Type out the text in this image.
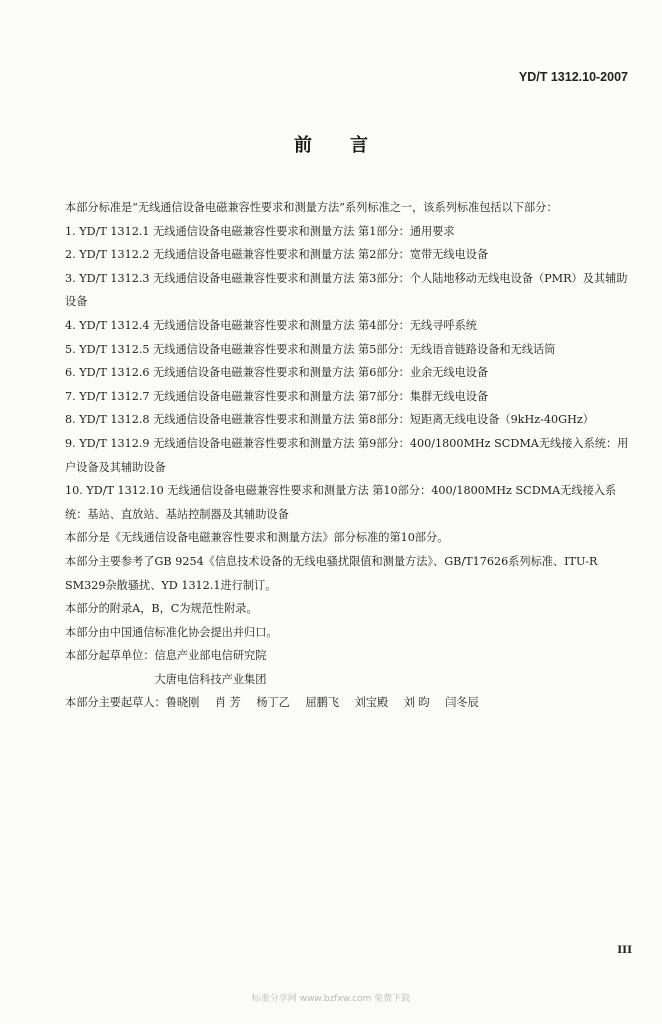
YD/T 1312.10-2007
前言

本部分标准是“无线通信设备电磁兼容性要求和测量方法”系列标准之一，该系列标准包括以下部分：

1. YD/T 1312.1 无线通信设备电磁兼容性要求和测量方法 第1部分：通用要求

2. YD/T 1312.2 无线通信设备电磁兼容性要求和测量方法 第2部分：宽带无线电设备

3. YD/T 1312.3 无线通信设备电磁兼容性要求和测量方法 第3部分：个人陆地移动无线电设备（PMR）及其辅助设备

4. YD/T 1312.4 无线通信设备电磁兼容性要求和测量方法 第4部分：无线寻呼系统

5. YD/T 1312.5 无线通信设备电磁兼容性要求和测量方法 第5部分：无线语音链路设备和无线话筒

6. YD/T 1312.6 无线通信设备电磁兼容性要求和测量方法 第6部分：业余无线电设备

7. YD/T 1312.7 无线通信设备电磁兼容性要求和测量方法 第7部分：集群无线电设备

8. YD/T 1312.8 无线通信设备电磁兼容性要求和测量方法 第8部分：短距离无线电设备（9kHz-40GHz）

9. YD/T 1312.9 无线通信设备电磁兼容性要求和测量方法 第9部分：400/1800MHz SCDMA无线接入系统：用户设备及其辅助设备

10. YD/T 1312.10 无线通信设备电磁兼容性要求和测量方法 第10部分：400/1800MHz SCDMA无线接入系统：基站、直放站、基站控制器及其辅助设备

本部分是《无线通信设备电磁兼容性要求和测量方法》部分标准的第10部分。

本部分主要参考了GB 9254《信息技术设备的无线电骚扰限值和测量方法》、GB/T17626系列标准、ITU-R SM329杂散骚扰、YD 1312.1进行制订。

本部分的附录A，B，C为规范性附录。

本部分由中国通信标准化协会提出并归口。

本部分起草单位： 信息产业部电信研究院
大唐电信科技产业集团
本部分主要起草人： 鲁晓刚 肖 芳 杨丁乙 屈鹏飞 刘宝殿 刘 昀 闫冬辰
III
标准分享网 www.bzfxw.com 免费下载
